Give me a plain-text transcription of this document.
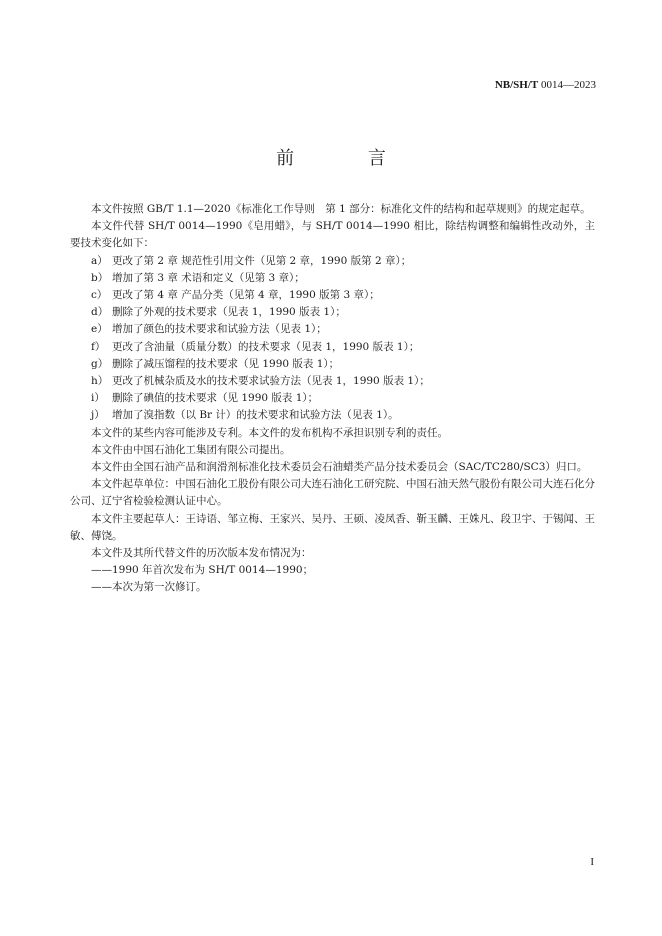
NB/SH/T 0014—2023
前 言

本文件按照 GB/T 1.1—2020《标准化工作导则　第 1 部分：标准化文件的结构和起草规则》的规定起草。

本文件代替 SH/T 0014—1990《皂用蜡》，与 SH/T 0014—1990 相比，除结构调整和编辑性改动外，主要技术变化如下：

a） 更改了第 2 章 规范性引用文件（见第 2 章，1990 版第 2 章）；
b） 增加了第 3 章 术语和定义（见第 3 章）；
c） 更改了第 4 章 产品分类（见第 4 章，1990 版第 3 章）；
d） 删除了外观的技术要求（见表 1，1990 版表 1）；
e） 增加了颜色的技术要求和试验方法（见表 1）；
f） 更改了含油量（质量分数）的技术要求（见表 1，1990 版表 1）；
g） 删除了减压馏程的技术要求（见 1990 版表 1）；
h） 更改了机械杂质及水的技术要求试验方法（见表 1，1990 版表 1）；
i） 删除了碘值的技术要求（见 1990 版表 1）；
j） 增加了溴指数（以 Br 计）的技术要求和试验方法（见表 1）。

本文件的某些内容可能涉及专利。本文件的发布机构不承担识别专利的责任。

本文件由中国石油化工集团有限公司提出。

本文件由全国石油产品和润滑剂标准化技术委员会石油蜡类产品分技术委员会（SAC/TC280/SC3）归口。

本文件起草单位：中国石油化工股份有限公司大连石油化工研究院、中国石油天然气股份有限公司大连石化分公司、辽宁省检验检测认证中心。

本文件主要起草人：王诗语、邹立梅、王家兴、吴丹、王硕、凌凤香、靳玉麟、王姝凡、段卫宇、于锡闻、王敏、傅饶。

本文件及其所代替文件的历次版本发布情况为：

——1990 年首次发布为 SH/T 0014—1990；

——本次为第一次修订。

I
